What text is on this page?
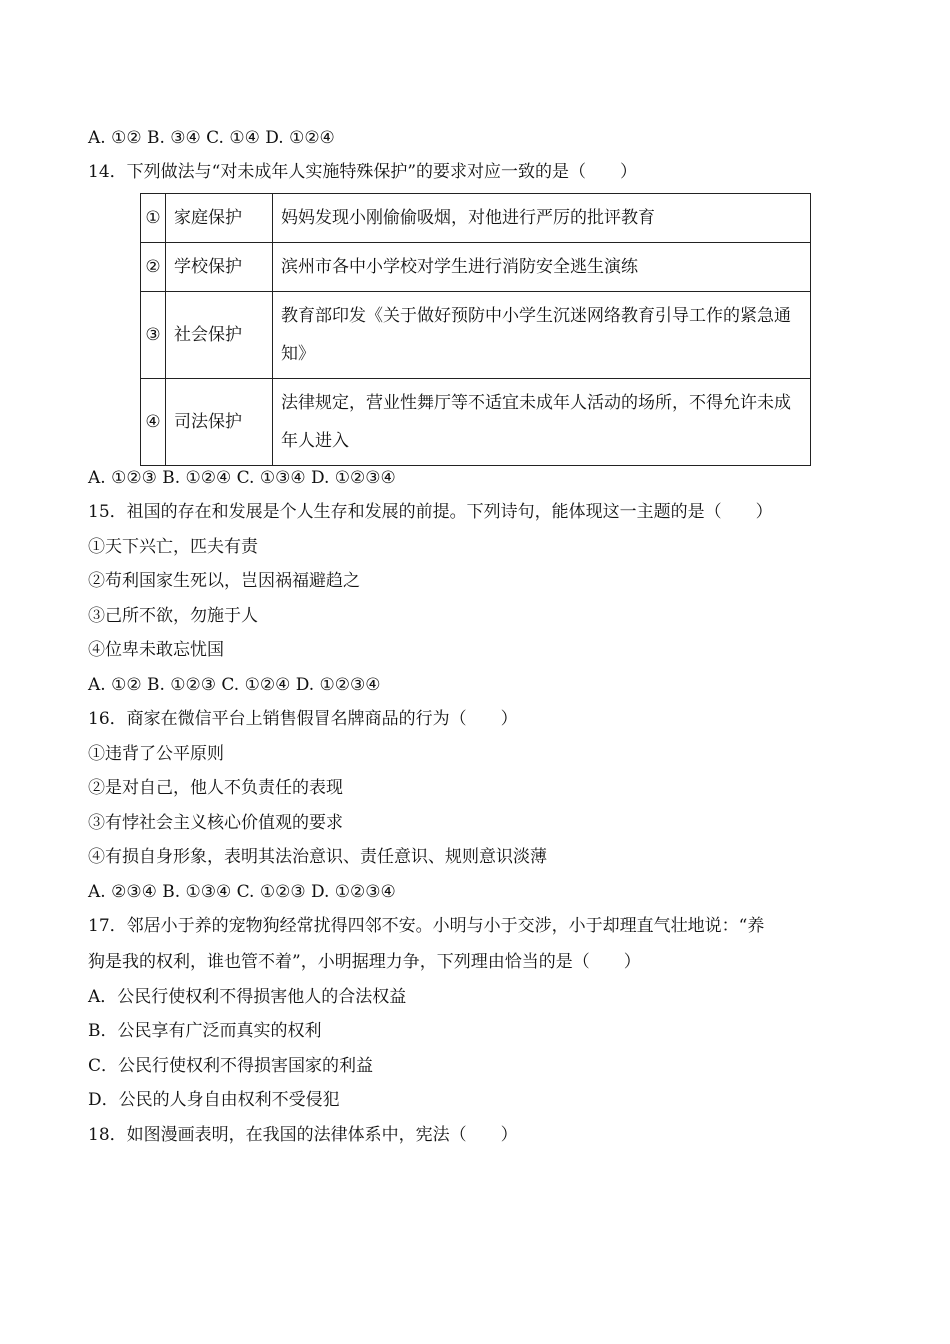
A. ①② B. ③④ C. ①④ D. ①②④
14．下列做法与“对未成年人实施特殊保护”的要求对应一致的是（　　）
①	家庭保护	妈妈发现小刚偷偷吸烟，对他进行严厉的批评教育
②	学校保护	滨州市各中小学校对学生进行消防安全逃生演练
③	社会保护	教育部印发《关于做好预防中小学生沉迷网络教育引导工作的紧急通知》
④	司法保护	法律规定，营业性舞厅等不适宜未成年人活动的场所，不得允许未成年人进入
A. ①②③ B. ①②④ C. ①③④ D. ①②③④
15．祖国的存在和发展是个人生存和发展的前提。下列诗句，能体现这一主题的是（　　）
①天下兴亡，匹夫有责
②苟利国家生死以，岂因祸福避趋之
③己所不欲，勿施于人
④位卑未敢忘忧国
A. ①② B. ①②③ C. ①②④ D. ①②③④
16．商家在微信平台上销售假冒名牌商品的行为（　　）
①违背了公平原则
②是对自己，他人不负责任的表现
③有悖社会主义核心价值观的要求
④有损自身形象，表明其法治意识、责任意识、规则意识淡薄
A. ②③④ B. ①③④ C. ①②③ D. ①②③④
17．邻居小于养的宠物狗经常扰得四邻不安。小明与小于交涉，小于却理直气壮地说：“养
狗是我的权利，谁也管不着”，小明据理力争，下列理由恰当的是（　　）
A．公民行使权利不得损害他人的合法权益
B．公民享有广泛而真实的权利
C．公民行使权利不得损害国家的利益
D．公民的人身自由权利不受侵犯
18．如图漫画表明，在我国的法律体系中，宪法（　　）
